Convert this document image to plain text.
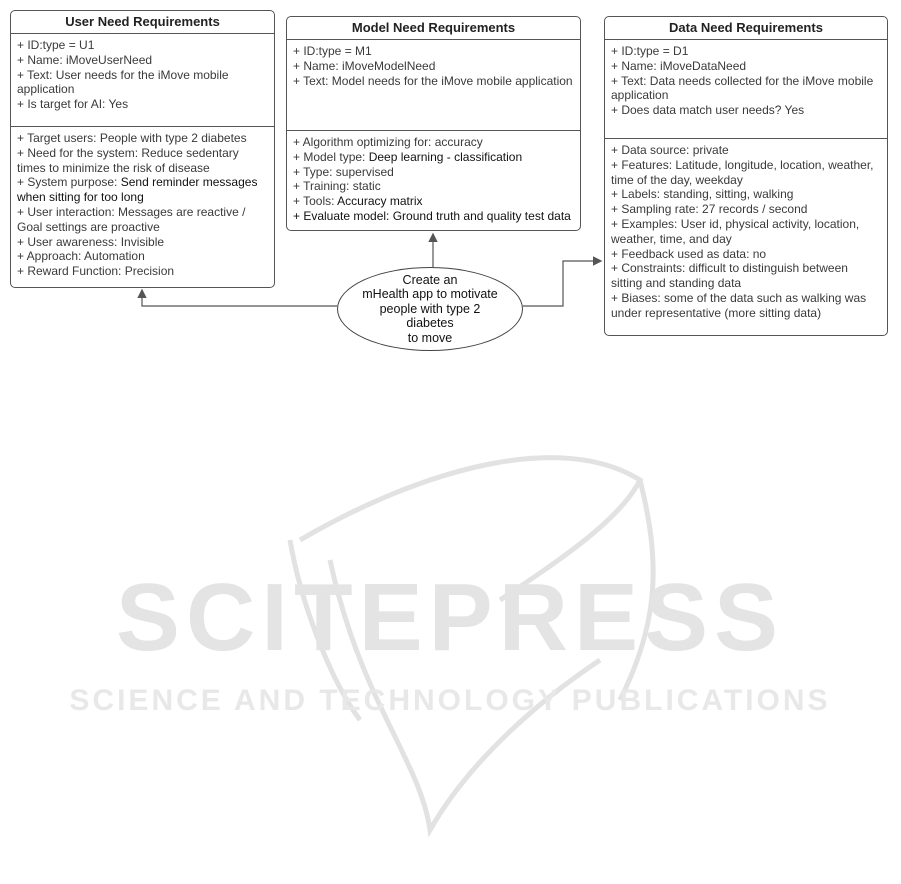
User Need Requirements
+ ID:type = U1
+ Name: iMoveUserNeed
+ Text: User needs for the iMove mobile application
+ Is target for AI: Yes
+ Target users: People with type 2 diabetes
+ Need for the system: Reduce sedentary times to minimize the risk of disease
+ System purpose: Send reminder messages when sitting for too long
+ User interaction: Messages are reactive / Goal settings are proactive
+ User awareness: Invisible
+ Approach: Automation
+ Reward Function: Precision
Model Need Requirements
+ ID:type = M1
+ Name: iMoveModelNeed
+ Text: Model needs for the iMove mobile application
+ Algorithm optimizing for: accuracy
+ Model type: Deep learning - classification
+ Type: supervised
+ Training: static
+ Tools: Accuracy matrix
+ Evaluate model: Ground truth and quality test data
Data Need Requirements
+ ID:type = D1
+ Name: iMoveDataNeed
+ Text: Data needs collected for the iMove mobile application
+ Does data match user needs? Yes
+ Data source: private
+ Features: Latitude, longitude, location, weather, time of the day, weekday
+ Labels: standing, sitting, walking
+ Sampling rate: 27 records / second
+ Examples: User id, physical activity, location, weather, time, and day
+ Feedback used as data: no
+ Constraints: difficult to distinguish between sitting and standing data
+ Biases: some of the data such as walking was under representative (more sitting data)
Create an
mHealth app to motivate
people with type 2 diabetes
to move
SCITEPRESS
SCIENCE AND TECHNOLOGY PUBLICATIONS
